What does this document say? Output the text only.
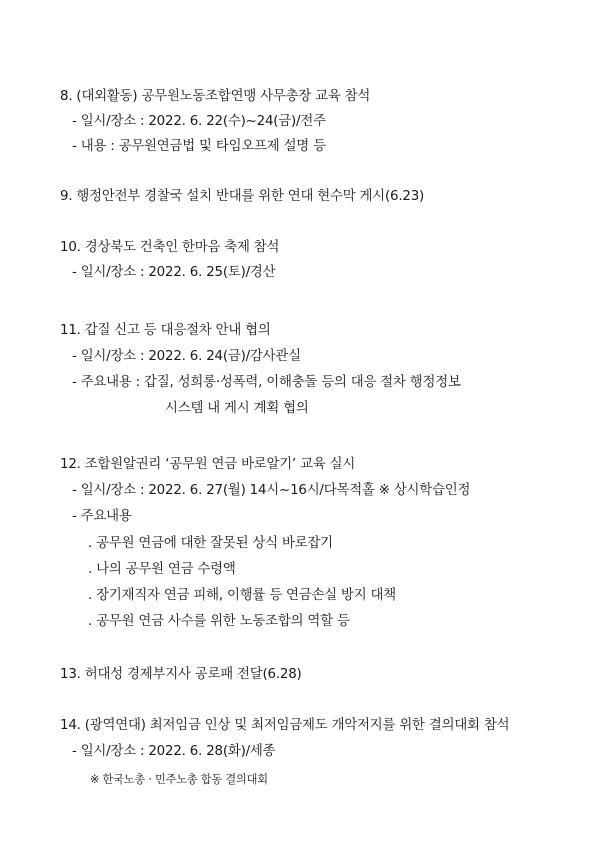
8. (대외활동) 공무원노동조합연맹 사무총장 교육 참석
- 일시/장소 : 2022. 6. 22(수)~24(금)/전주
- 내용 : 공무원연금법 및 타임오프제 설명 등
9. 행정안전부 경찰국 설치 반대를 위한 연대 현수막 게시(6.23)
10. 경상북도 건축인 한마음 축제 참석
- 일시/장소 : 2022. 6. 25(토)/경산
11. 갑질 신고 등 대응절차 안내 협의
- 일시/장소 : 2022. 6. 24(금)/감사관실
- 주요내용 : 갑질, 성희롱·성폭력, 이해충돌 등의 대응 절차 행정정보
시스템 내 게시 계획 협의
12. 조합원알권리 ‘공무원 연금 바로알기’ 교육 실시
- 일시/장소 : 2022. 6. 27(월) 14시~16시/다목적홀 ※ 상시학습인정
- 주요내용
. 공무원 연금에 대한 잘못된 상식 바로잡기
. 나의 공무원 연금 수령액
. 장기재직자 연금 피해, 이행률 등 연금손실 방지 대책
. 공무원 연금 사수를 위한 노동조합의 역할 등
13. 허대성 경제부지사 공로패 전달(6.28)
14. (광역연대) 최저임금 인상 및 최저임금제도 개악저지를 위한 결의대회 참석
- 일시/장소 : 2022. 6. 28(화)/세종
※ 한국노총 · 민주노총 합동 결의대회
